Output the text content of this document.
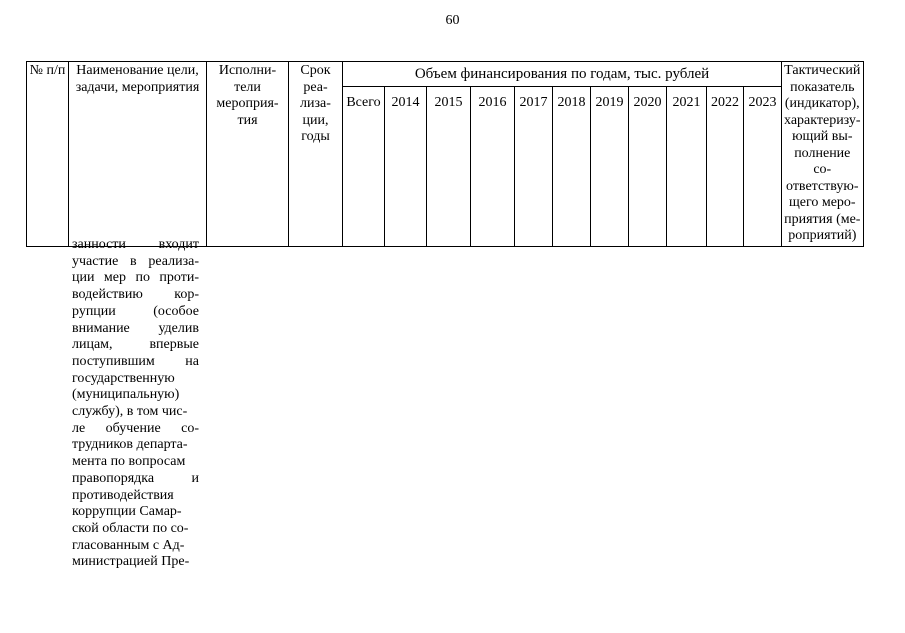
60
№ п/п	Наименование цели, задачи, мероприятия	Исполни-тели мероприя-тия	Срок реа-лиза-ции, годы	Объем финансирования по годам, тыс. рублей											Тактический показатель (индикатор), характеризу-ющий вы-полнение со-ответствую-щего меро-приятия (ме-роприятий)

				Всего	2014	2015	2016	2017	2018	2019	2020	2021	2022	2023	
занности входит
участие в реализа-
ции мер по проти-
водействию кор-
рупции (особое
внимание уделив
лицам, впервые
поступившим на
государственную
(муниципальную)
службу), в том чис-
ле обучение со-
трудников департа-
мента по вопросам
правопорядка и
противодействия
коррупции Самар-
ской области по со-
гласованным с Ад-
министрацией Пре-
